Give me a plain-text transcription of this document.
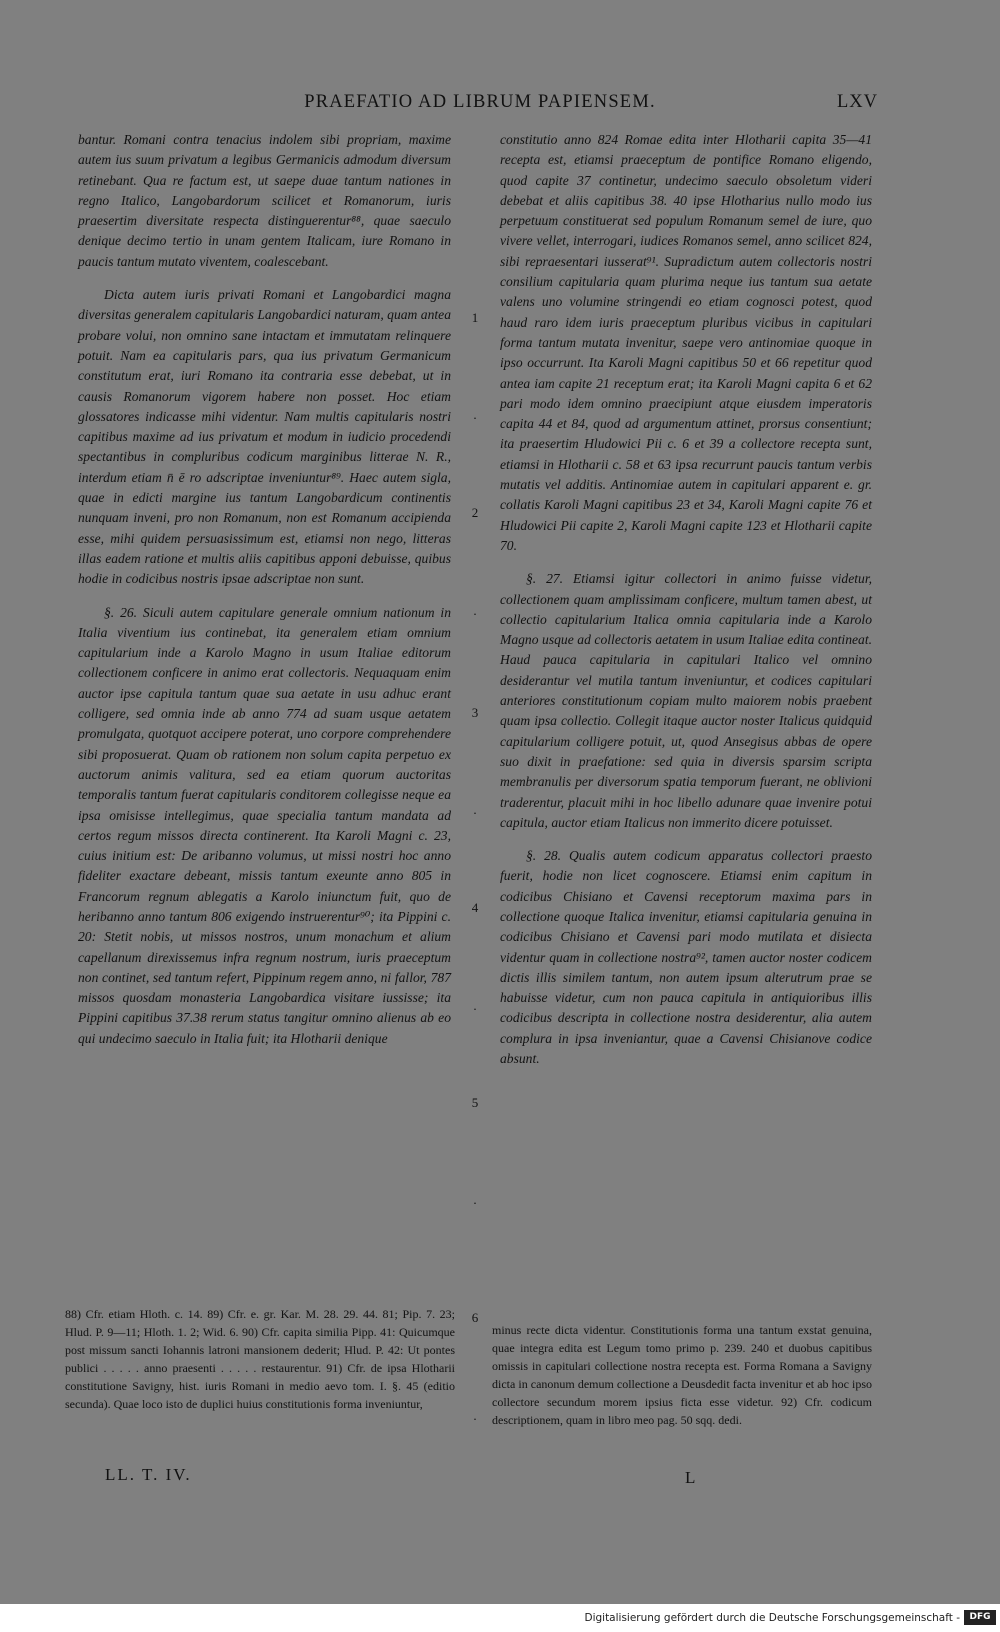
PRAEFATIO AD LIBRUM PAPIENSEM.	LXV

bantur. Romani contra tenacius indolem sibi propriam, maxime autem ius suum privatum a legibus Germanicis admodum diversum retinebant. Qua re factum est, ut saepe duae tantum nationes in regno Italico, Langobardorum scilicet et Romanorum, iuris praesertim diversitate respecta distinguerentur⁸⁸, quae saeculo denique decimo tertio in unam gentem Italicam, iure Romano in paucis tantum mutato viventem, coalescebant.

Dicta autem iuris privati Romani et Langobardici magna diversitas generalem capitularis Langobardici naturam, quam antea probare volui, non omnino sane intactam et immutatam relinquere potuit. Nam ea capitularis pars, qua ius privatum Germanicum constitutum erat, iuri Romano ita contraria esse debebat, ut in causis Romanorum vigorem habere non posset. Hoc etiam glossatores indicasse mihi videntur. Nam multis capitularis nostri capitibus maxime ad ius privatum et modum in iudicio procedendi spectantibus in compluribus codicum marginibus litterae N. R., interdum etiam n̄ ē ro adscriptae inveniuntur⁸⁹. Haec autem sigla, quae in edicti margine ius tantum Langobardicum continentis nunquam inveni, pro non Romanum, non est Romanum accipienda esse, mihi quidem persuasissimum est, etiamsi non nego, litteras illas eadem ratione et multis aliis capitibus apponi debuisse, quibus hodie in codicibus nostris ipsae adscriptae non sunt.

§. 26. Siculi autem capitulare generale omnium nationum in Italia viventium ius continebat, ita generalem etiam omnium capitularium inde a Karolo Magno in usum Italiae editorum collectionem conficere in animo erat collectoris. Nequaquam enim auctor ipse capitula tantum quae sua aetate in usu adhuc erant colligere, sed omnia inde ab anno 774 ad suam usque aetatem promulgata, quotquot accipere poterat, uno corpore comprehendere sibi proposuerat. Quam ob rationem non solum capita perpetuo ex auctorum animis valitura, sed ea etiam quorum auctoritas temporalis tantum fuerat capitularis conditorem collegisse neque ea ipsa omisisse intellegimus, quae specialia tantum mandata ad certos regum missos directa continerent. Ita Karoli Magni c. 23, cuius initium est: De aribanno volumus, ut missi nostri hoc anno fideliter exactare debeant, missis tantum exeunte anno 805 in Francorum regnum ablegatis a Karolo iniunctum fuit, quo de heribanno anno tantum 806 exigendo instruerentur⁹⁰; ita Pippini c. 20: Stetit nobis, ut missos nostros, unum monachum et alium capellanum direxissemus infra regnum nostrum, iuris praeceptum non continet, sed tantum refert, Pippinum regem anno, ni fallor, 787 missos quosdam monasteria Langobardica visitare iussisse; ita Pippini capitibus 37.38 rerum status tangitur omnino alienus ab eo qui undecimo saeculo in Italia fuit; ita Hlotharii denique

1
.
2
.
3
.
4
.
5
.
6
.

constitutio anno 824 Romae edita inter Hlotharii capita 35—41 recepta est, etiamsi praeceptum de pontifice Romano eligendo, quod capite 37 continetur, undecimo saeculo obsoletum videri debebat et aliis capitibus 38. 40 ipse Hlotharius nullo modo ius perpetuum constituerat sed populum Romanum semel de iure, quo vivere vellet, interrogari, iudices Romanos semel, anno scilicet 824, sibi repraesentari iusserat⁹¹. Supradictum autem collectoris nostri consilium capitularia quam plurima neque ius tantum sua aetate valens uno volumine stringendi eo etiam cognosci potest, quod haud raro idem iuris praeceptum pluribus vicibus in capitulari forma tantum mutata invenitur, saepe vero antinomiae quoque in ipso occurrunt. Ita Karoli Magni capitibus 50 et 66 repetitur quod antea iam capite 21 receptum erat; ita Karoli Magni capita 6 et 62 pari modo idem omnino praecipiunt atque eiusdem imperatoris capita 44 et 84, quod ad argumentum attinet, prorsus consentiunt; ita praesertim Hludowici Pii c. 6 et 39 a collectore recepta sunt, etiamsi in Hlotharii c. 58 et 63 ipsa recurrunt paucis tantum verbis mutatis vel additis. Antinomiae autem in capitulari apparent e. gr. collatis Karoli Magni capitibus 23 et 34, Karoli Magni capite 76 et Hludowici Pii capite 2, Karoli Magni capite 123 et Hlotharii capite 70.

§. 27. Etiamsi igitur collectori in animo fuisse videtur, collectionem quam amplissimam conficere, multum tamen abest, ut collectio capitularium Italica omnia capitularia inde a Karolo Magno usque ad collectoris aetatem in usum Italiae edita contineat. Haud pauca capitularia in capitulari Italico vel omnino desiderantur vel mutila tantum inveniuntur, et codices capitulari anteriores constitutionum copiam multo maiorem nobis praebent quam ipsa collectio. Collegit itaque auctor noster Italicus quidquid capitularium colligere potuit, ut, quod Ansegisus abbas de opere suo dixit in praefatione: sed quia in diversis sparsim scripta membranulis per diversorum spatia temporum fuerant, ne oblivioni traderentur, placuit mihi in hoc libello adunare quae invenire potui capitula, auctor etiam Italicus non immerito dicere potuisset.

§. 28. Qualis autem codicum apparatus collectori praesto fuerit, hodie non licet cognoscere. Etiamsi enim capitum in codicibus Chisiano et Cavensi receptorum maxima pars in collectione quoque Italica invenitur, etiamsi capitularia genuina in codicibus Chisiano et Cavensi pari modo mutilata et disiecta videntur quam in collectione nostra⁹², tamen auctor noster codicem dictis illis similem tantum, non autem ipsum alterutrum prae se habuisse videtur, cum non pauca capitula in antiquioribus illis codicibus descripta in collectione nostra desiderentur, alia autem complura in ipsa inveniantur, quae a Cavensi Chisianove codice absunt.

88) Cfr. etiam Hloth. c. 14. 89) Cfr. e. gr. Kar. M. 28. 29. 44. 81; Pip. 7. 23; Hlud. P. 9—11; Hloth. 1. 2; Wid. 6. 90) Cfr. capita similia Pipp. 41: Quicumque post missum sancti Iohannis latroni mansionem dederit; Hlud. P. 42: Ut pontes publici . . . . . anno praesenti . . . . . restaurentur. 91) Cfr. de ipsa Hlotharii constitutione Savigny, hist. iuris Romani in medio aevo tom. I. §. 45 (editio secunda). Quae loco isto de duplici huius constitutionis forma inveniuntur,

minus recte dicta videntur. Constitutionis forma una tantum exstat genuina, quae integra edita est Legum tomo primo p. 239. 240 et duobus capitibus omissis in capitulari collectione nostra recepta est. Forma Romana a Savigny dicta in canonum demum collectione a Deusdedit facta invenitur et ab hoc ipso collectore secundum morem ipsius ficta esse videtur. 92) Cfr. codicum descriptionem, quam in libro meo pag. 50 sqq. dedi.

LL. T. IV.	L
Digitalisierung gefördert durch die Deutsche Forschungsgemeinschaft -	DFG
